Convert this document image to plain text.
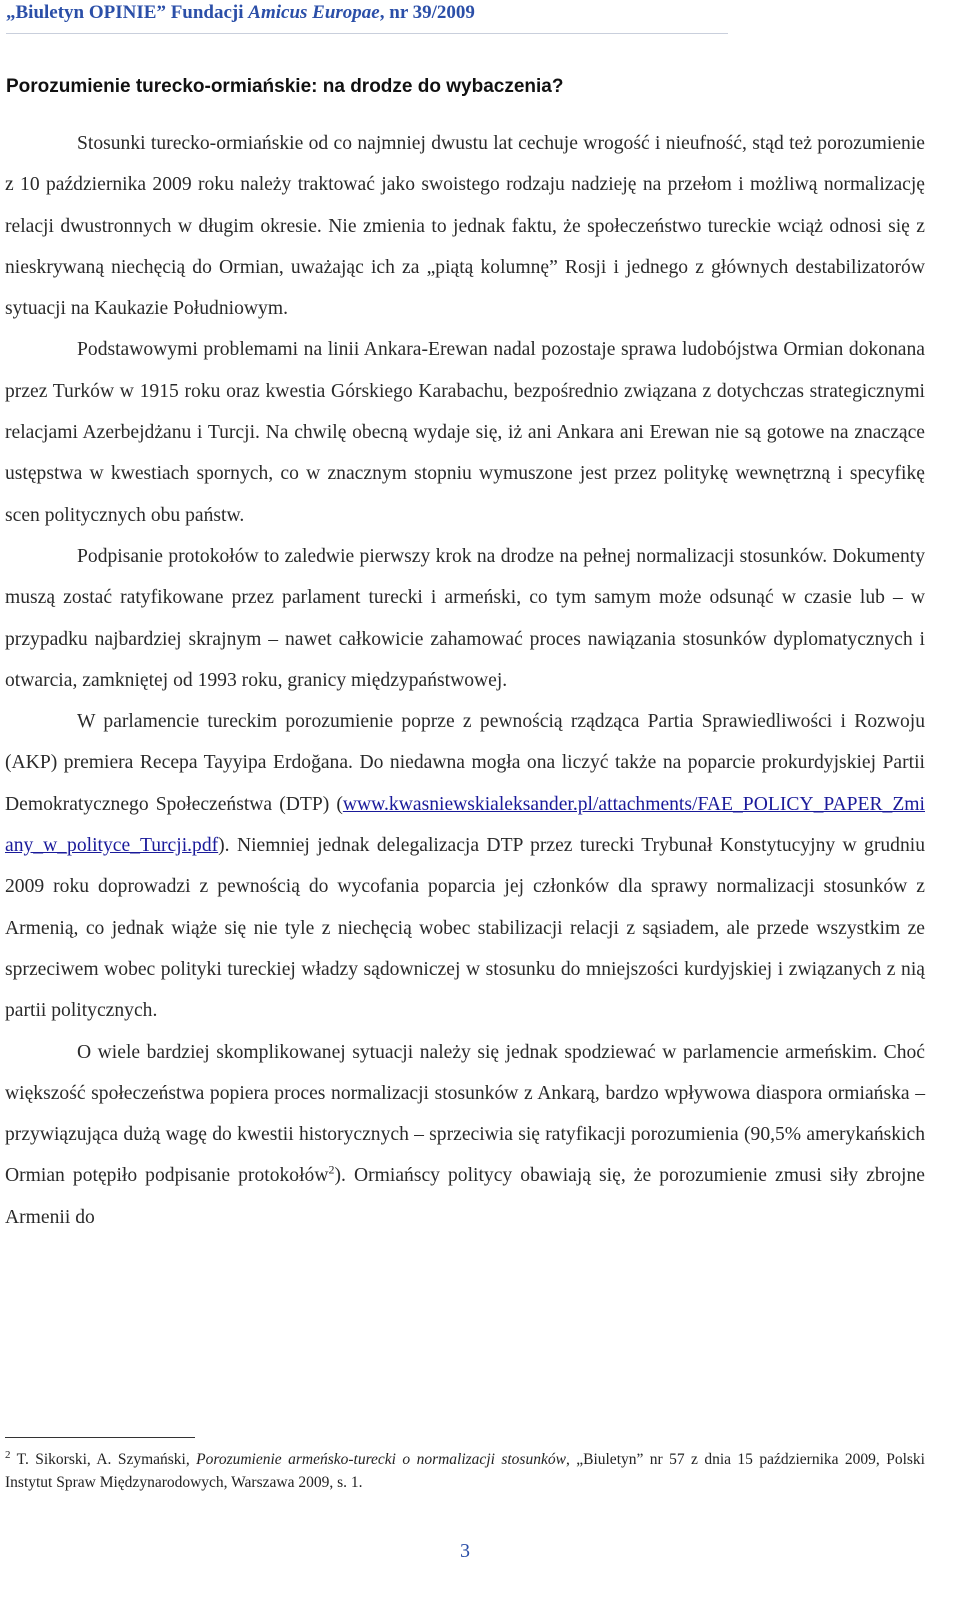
„Biuletyn OPINIE” Fundacji Amicus Europae, nr 39/2009
Porozumienie turecko-ormiańskie: na drodze do wybaczenia?

Stosunki turecko-ormiańskie od co najmniej dwustu lat cechuje wrogość i nieufność, stąd też porozumienie z 10 października 2009 roku należy traktować jako swoistego rodzaju nadzieję na przełom i możliwą normalizację relacji dwustronnych w długim okresie. Nie zmienia to jednak faktu, że społeczeństwo tureckie wciąż odnosi się z nieskrywaną niechęcią do Ormian, uważając ich za „piątą kolumnę” Rosji i jednego z głównych destabilizatorów sytuacji na Kaukazie Południowym.

Podstawowymi problemami na linii Ankara-Erewan nadal pozostaje sprawa ludobójstwa Ormian dokonana przez Turków w 1915 roku oraz kwestia Górskiego Karabachu, bezpośrednio związana z dotychczas strategicznymi relacjami Azerbejdżanu i Turcji. Na chwilę obecną wydaje się, iż ani Ankara ani Erewan nie są gotowe na znaczące ustępstwa w kwestiach spornych, co w znacznym stopniu wymuszone jest przez politykę wewnętrzną i specyfikę scen politycznych obu państw.

Podpisanie protokołów to zaledwie pierwszy krok na drodze na pełnej normalizacji stosunków. Dokumenty muszą zostać ratyfikowane przez parlament turecki i armeński, co tym samym może odsunąć w czasie lub – w przypadku najbardziej skrajnym – nawet całkowicie zahamować proces nawiązania stosunków dyplomatycznych i otwarcia, zamkniętej od 1993 roku, granicy międzypaństwowej.

W parlamencie tureckim porozumienie poprze z pewnością rządząca Partia Sprawiedliwości i Rozwoju (AKP) premiera Recepa Tayyipa Erdoğana. Do niedawna mogła ona liczyć także na poparcie prokurdyjskiej Partii Demokratycznego Społeczeństwa (DTP) (www.kwasniewskialeksander.pl/attachments/FAE_POLICY_PAPER_Zmiany_w_polityce_Turcji.pdf). Niemniej jednak delegalizacja DTP przez turecki Trybunał Konstytucyjny w grudniu 2009 roku doprowadzi z pewnością do wycofania poparcia jej członków dla sprawy normalizacji stosunków z Armenią, co jednak wiąże się nie tyle z niechęcią wobec stabilizacji relacji z sąsiadem, ale przede wszystkim ze sprzeciwem wobec polityki tureckiej władzy sądowniczej w stosunku do mniejszości kurdyjskiej i związanych z nią partii politycznych.

O wiele bardziej skomplikowanej sytuacji należy się jednak spodziewać w parlamencie armeńskim. Choć większość społeczeństwa popiera proces normalizacji stosunków z Ankarą, bardzo wpływowa diaspora ormiańska – przywiązująca dużą wagę do kwestii historycznych – sprzeciwia się ratyfikacji porozumienia (90,5% amerykańskich Ormian potępiło podpisanie protokołów$^2$). Ormiańscy politycy obawiają się, że porozumienie zmusi siły zbrojne Armenii do

$^2$ T. Sikorski, A. Szymański, Porozumienie armeńsko-turecki o normalizacji stosunków, „Biuletyn” nr 57 z dnia 15 października 2009, Polski Instytut Spraw Międzynarodowych, Warszawa 2009, s. 1.
3
